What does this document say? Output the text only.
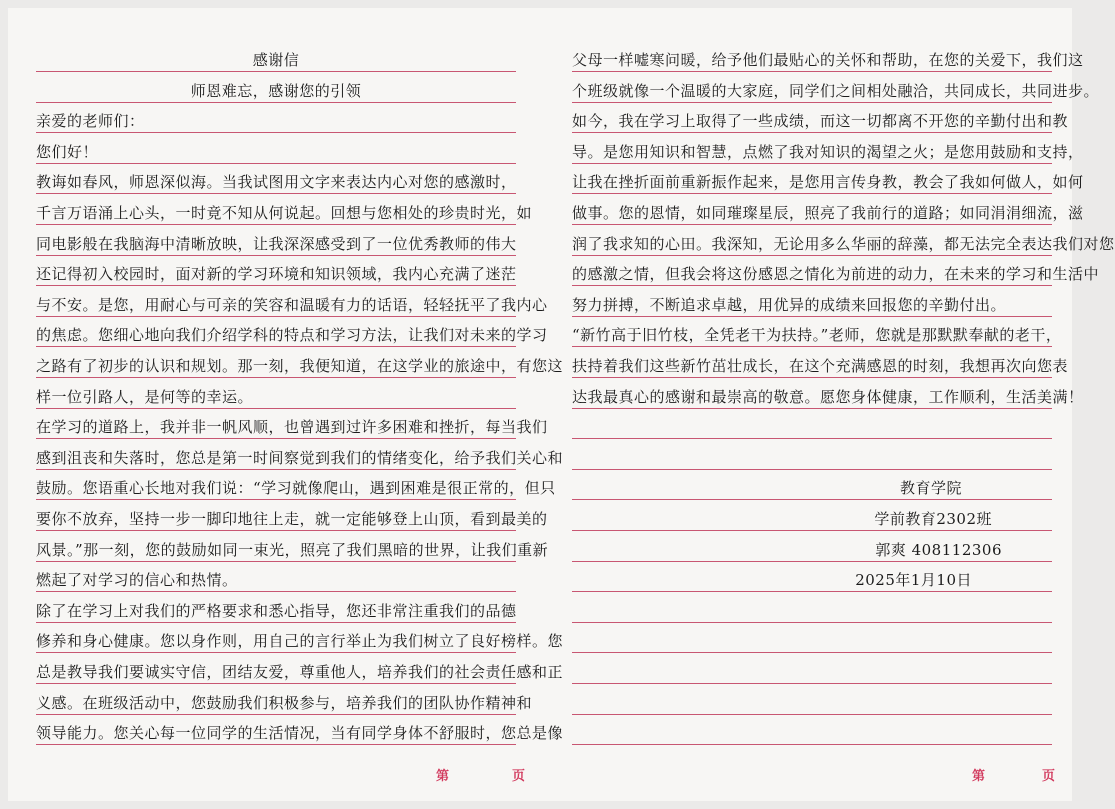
第	页
感谢信
师恩难忘，感谢您的引领
亲爱的老师们：
您们好！
教诲如春风，师恩深似海。当我试图用文字来表达内心对您的感激时，
千言万语涌上心头，一时竟不知从何说起。回想与您相处的珍贵时光，如
同电影般在我脑海中清晰放映，让我深深感受到了一位优秀教师的伟大
还记得初入校园时，面对新的学习环境和知识领域，我内心充满了迷茫
与不安。是您，用耐心与可亲的笑容和温暖有力的话语，轻轻抚平了我内心
的焦虑。您细心地向我们介绍学科的特点和学习方法，让我们对未来的学习
之路有了初步的认识和规划。那一刻，我便知道，在这学业的旅途中，有您这
样一位引路人，是何等的幸运。
在学习的道路上，我并非一帆风顺，也曾遇到过许多困难和挫折，每当我们
感到沮丧和失落时，您总是第一时间察觉到我们的情绪变化，给予我们关心和
鼓励。您语重心长地对我们说：“学习就像爬山，遇到困难是很正常的，但只
要你不放弃，坚持一步一脚印地往上走，就一定能够登上山顶，看到最美的
风景。”那一刻，您的鼓励如同一束光，照亮了我们黑暗的世界，让我们重新
燃起了对学习的信心和热情。
除了在学习上对我们的严格要求和悉心指导，您还非常注重我们的品德
修养和身心健康。您以身作则，用自己的言行举止为我们树立了良好榜样。您
总是教导我们要诚实守信，团结友爱，尊重他人，培养我们的社会责任感和正
义感。在班级活动中，您鼓励我们积极参与，培养我们的团队协作精神和
领导能力。您关心每一位同学的生活情况，当有同学身体不舒服时，您总是像
第	页
父母一样嘘寒问暖，给予他们最贴心的关怀和帮助，在您的关爱下，我们这
个班级就像一个温暖的大家庭，同学们之间相处融洽，共同成长，共同进步。
如今，我在学习上取得了一些成绩，而这一切都离不开您的辛勤付出和教
导。是您用知识和智慧，点燃了我对知识的渴望之火；是您用鼓励和支持，
让我在挫折面前重新振作起来，是您用言传身教，教会了我如何做人，如何
做事。您的恩情，如同璀璨星辰，照亮了我前行的道路；如同涓涓细流，滋
润了我求知的心田。我深知，无论用多么华丽的辞藻，都无法完全表达我们对您
的感激之情，但我会将这份感恩之情化为前进的动力，在未来的学习和生活中
努力拼搏，不断追求卓越，用优异的成绩来回报您的辛勤付出。
“新竹高于旧竹枝，全凭老干为扶持。”老师，您就是那默默奉献的老干，
扶持着我们这些新竹茁壮成长，在这个充满感恩的时刻，我想再次向您表
达我最真心的感谢和最崇高的敬意。愿您身体健康，工作顺利，生活美满！
教育学院
学前教育2302班
郭爽 408112306
2025年1月10日
